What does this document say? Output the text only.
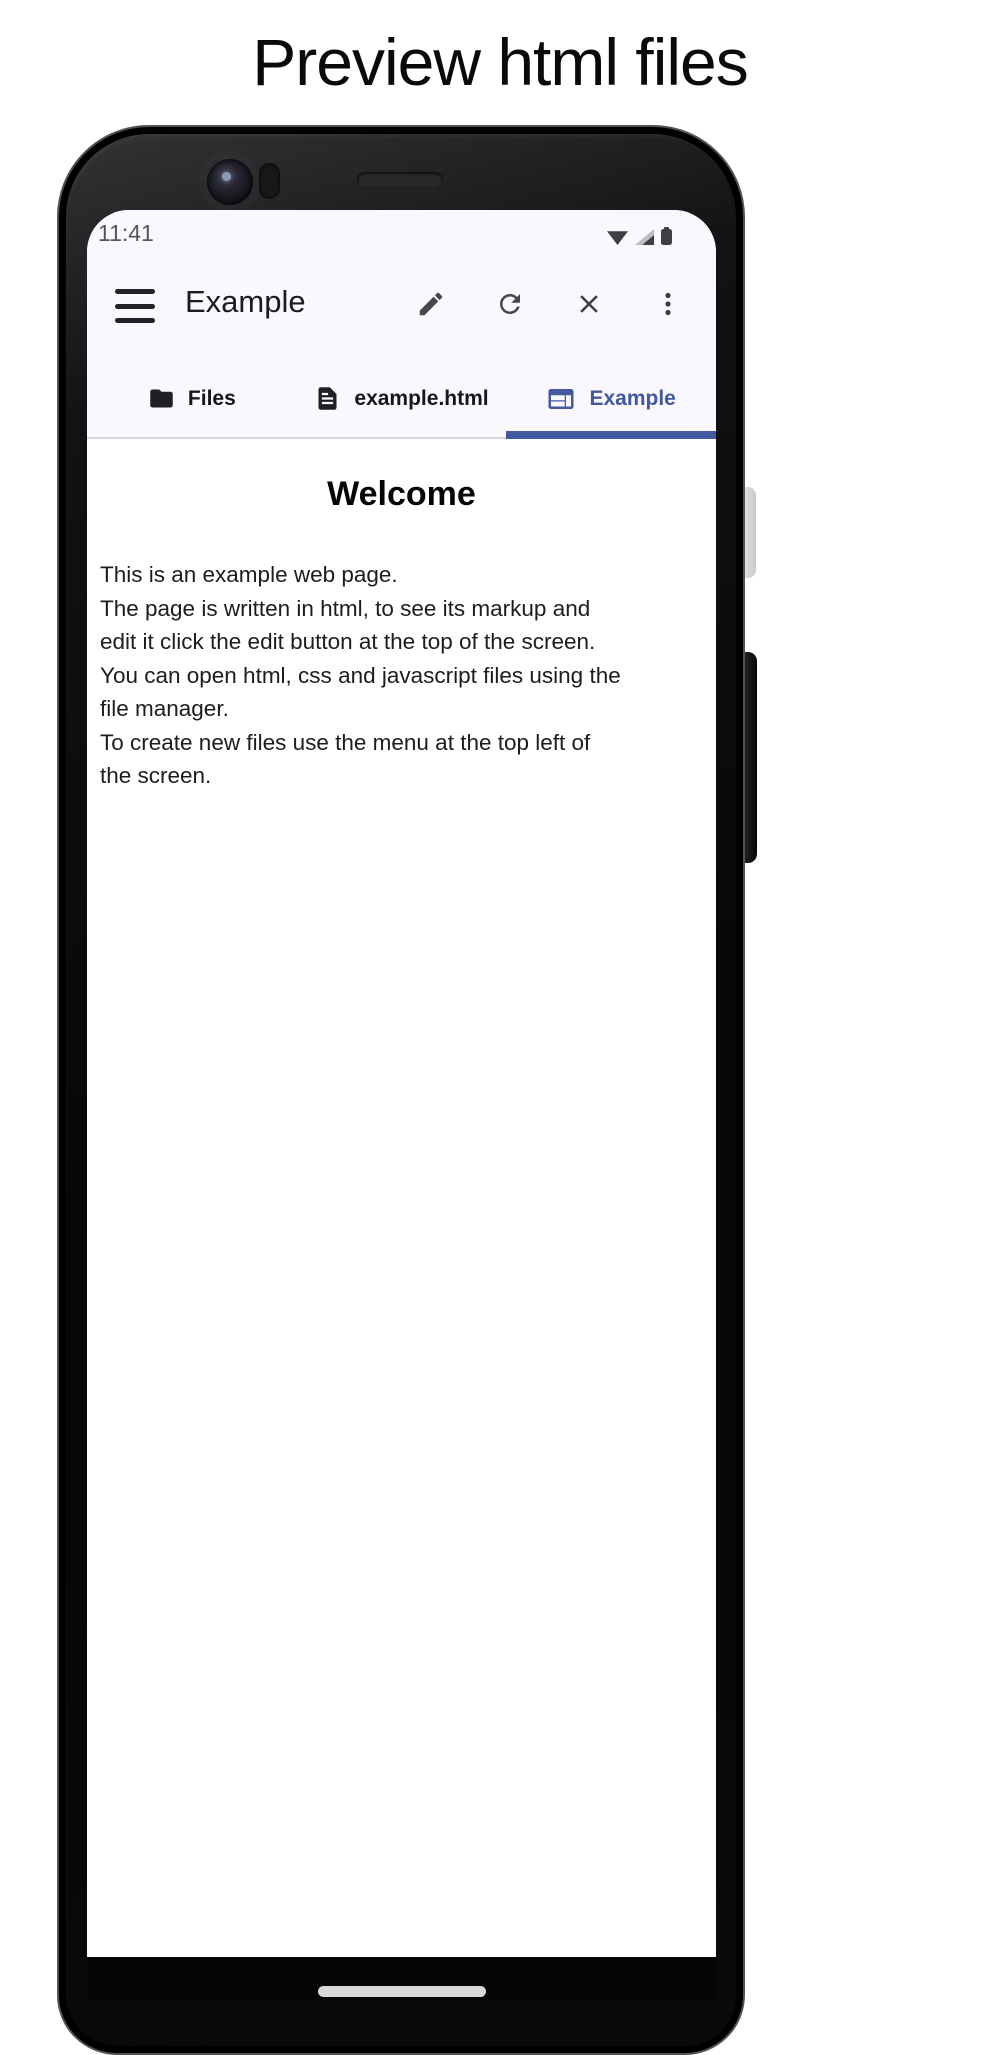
Preview html files
11:41
Example
Files	example.html	Example
Welcome
This is an example web page.
The page is written in html, to see its markup and
edit it click the edit button at the top of the screen.
You can open html, css and javascript files using the
file manager.
To create new files use the menu at the top left of
the screen.
